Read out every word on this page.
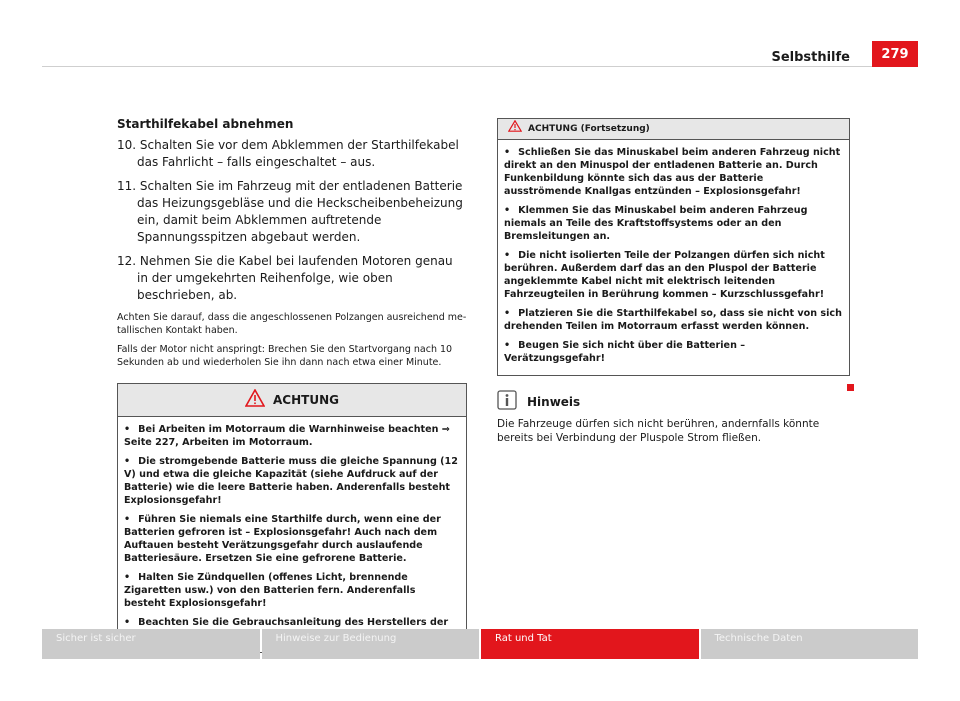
Selbsthilfe	279
Starthilfekabel abnehmen
10. Schalten Sie vor dem Abklemmen der Starthilfekabel das Fahrlicht – falls eingeschaltet – aus.
11. Schalten Sie im Fahrzeug mit der entladenen Batterie das Heizungsgebläse und die Heckscheibenbeheizung ein, damit beim Abklemmen auftretende Spannungsspitzen abgebaut werden.
12. Nehmen Sie die Kabel bei laufenden Motoren genau in der umgekehrten Reihenfolge, wie oben beschrieben, ab.

Achten Sie darauf, dass die angeschlossenen Polzangen ausreichend metallischen Kontakt haben.

Falls der Motor nicht anspringt: Brechen Sie den Startvorgang nach 10 Sekunden ab und wiederholen Sie ihn dann nach etwa einer Minute.

ACHTUNG

• Bei Arbeiten im Motorraum die Warnhinweise beachten ⇒ Seite 227, Arbeiten im Motorraum.

• Die stromgebende Batterie muss die gleiche Spannung (12 V) und etwa die gleiche Kapazität (siehe Aufdruck auf der Batterie) wie die leere Batterie haben. Anderenfalls besteht Explosionsgefahr!

• Führen Sie niemals eine Starthilfe durch, wenn eine der Batterien gefroren ist – Explosionsgefahr! Auch nach dem Auftauen besteht Verätzungsgefahr durch auslaufende Batteriesäure. Ersetzen Sie eine gefrorene Batterie.

• Halten Sie Zündquellen (offenes Licht, brennende Zigaretten usw.) von den Batterien fern. Anderenfalls besteht Explosionsgefahr!

• Beachten Sie die Gebrauchsanleitung des Herstellers der

ACHTUNG (Fortsetzung)

• Schließen Sie das Minuskabel beim anderen Fahrzeug nicht direkt an den Minuspol der entladenen Batterie an. Durch Funkenbildung könnte sich das aus der Batterie ausströmende Knallgas entzünden – Explosionsgefahr!

• Klemmen Sie das Minuskabel beim anderen Fahrzeug niemals an Teile des Kraftstoffsystems oder an den Bremsleitungen an.

• Die nicht isolierten Teile der Polzangen dürfen sich nicht berühren. Außerdem darf das an den Pluspol der Batterie angeklemmte Kabel nicht mit elektrisch leitenden Fahrzeugteilen in Berührung kommen – Kurzschlussgefahr!

• Platzieren Sie die Starthilfekabel so, dass sie nicht von sich drehenden Teilen im Motorraum erfasst werden können.

• Beugen Sie sich nicht über die Batterien – Verätzungsgefahr!

Hinweis
Die Fahrzeuge dürfen sich nicht berühren, andernfalls könnte bereits bei Verbindung der Pluspole Strom fließen.
Sicher ist sicher	Hinweise zur Bedienung	Rat und Tat	Technische Daten
